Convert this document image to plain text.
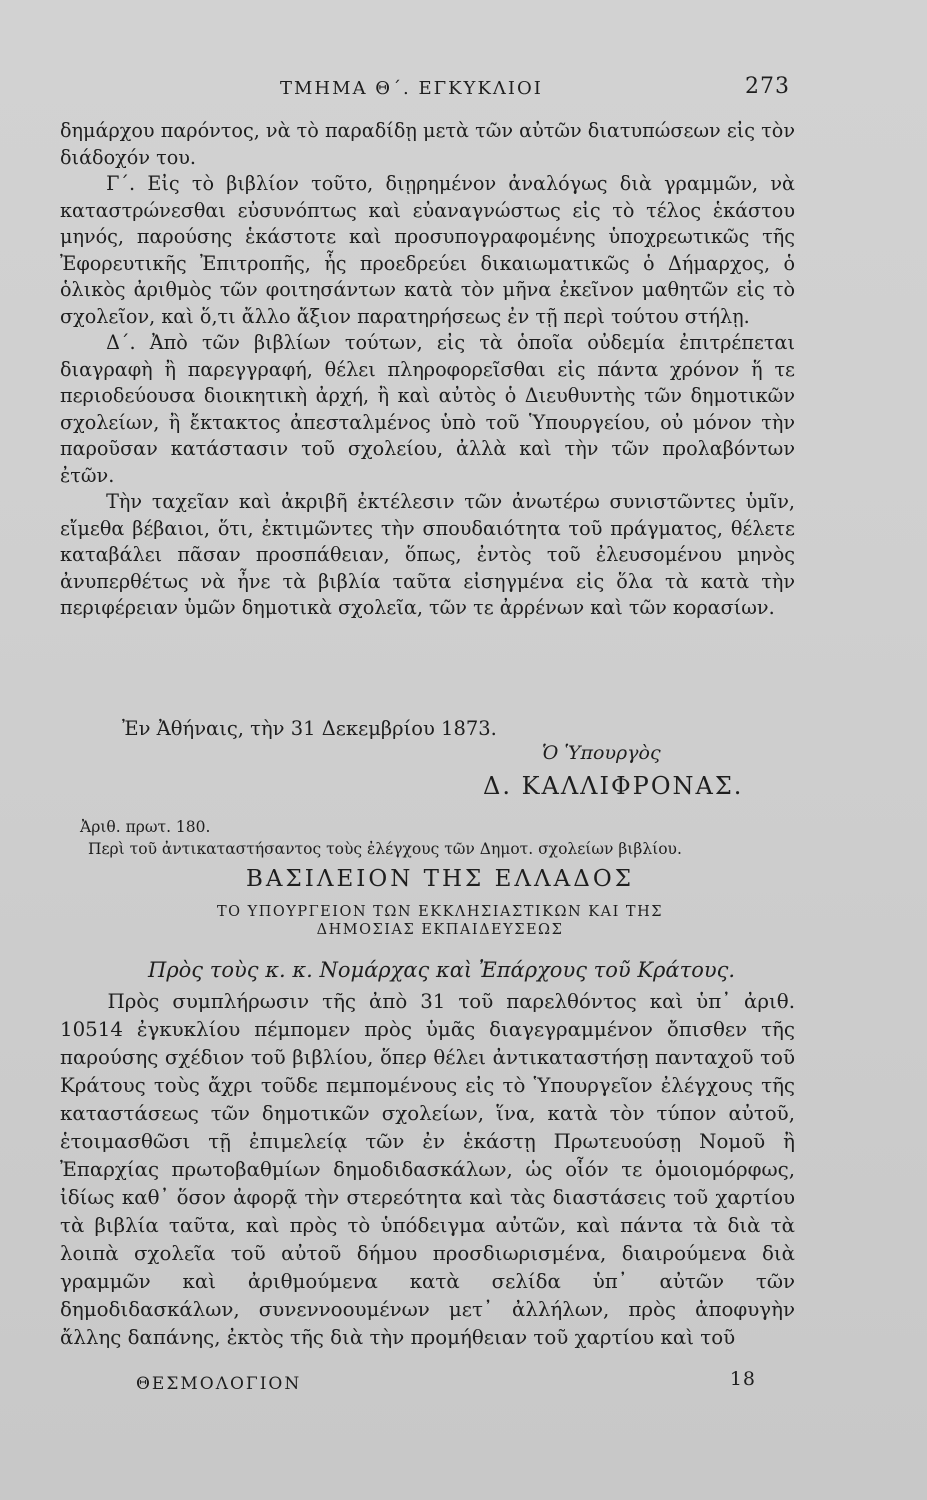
ΤΜΗΜΑ Θ΄. ΕΓΚΥΚΛΙΟΙ	273

δημάρχου παρόντος, νὰ τὸ παραδίδῃ μετὰ τῶν αὐτῶν διατυπώσεων εἰς τὸν διάδοχόν του.

Γ΄. Εἰς τὸ βιβλίον τοῦτο, διῃρημένον ἀναλόγως διὰ γραμμῶν, νὰ καταστρώνεσθαι εὐσυνόπτως καὶ εὐαναγνώστως εἰς τὸ τέλος ἑκάστου μηνός, παρούσης ἑκάστοτε καὶ προσυπογραφομένης ὑποχρεωτικῶς τῆς Ἐφορευτικῆς Ἐπιτροπῆς, ἧς προεδρεύει δικαιωματικῶς ὁ Δήμαρχος, ὁ ὁλικὸς ἀριθμὸς τῶν φοιτησάντων κατὰ τὸν μῆνα ἐκεῖνον μαθητῶν εἰς τὸ σχολεῖον, καὶ ὅ,τι ἄλλο ἄξιον παρατηρήσεως ἐν τῇ περὶ τούτου στήλῃ.

Δ΄. Ἀπὸ τῶν βιβλίων τούτων, εἰς τὰ ὁποῖα οὐδεμία ἐπιτρέπεται διαγραφὴ ἢ παρεγγραφή, θέλει πληροφορεῖσθαι εἰς πάντα χρόνον ἥ τε περιοδεύουσα διοικητικὴ ἀρχή, ἢ καὶ αὐτὸς ὁ Διευθυντὴς τῶν δημοτικῶν σχολείων, ἢ ἔκτακτος ἀπεσταλμένος ὑπὸ τοῦ Ὑπουργείου, οὐ μόνον τὴν παροῦσαν κατάστασιν τοῦ σχολείου, ἀλλὰ καὶ τὴν τῶν προλαβόντων ἐτῶν.

Τὴν ταχεῖαν καὶ ἀκριβῆ ἐκτέλεσιν τῶν ἀνωτέρω συνιστῶντες ὑμῖν, εἴμεθα βέβαιοι, ὅτι, ἐκτιμῶντες τὴν σπουδαιότητα τοῦ πράγματος, θέλετε καταβάλει πᾶσαν προσπάθειαν, ὅπως, ἐντὸς τοῦ ἐλευσομένου μηνὸς ἀνυπερθέτως νὰ ἦνε τὰ βιβλία ταῦτα εἰσηγμένα εἰς ὅλα τὰ κατὰ τὴν περιφέρειαν ὑμῶν δημοτικὰ σχολεῖα, τῶν τε ἀρρένων καὶ τῶν κορασίων.

Ἐν Ἀθήναις, τὴν 31 Δεκεμβρίου 1873.
Ὁ Ὑπουργὸς
Δ. ΚΑΛΛΙΦΡΟΝΑΣ.
Ἀριθ. πρωτ. 180.
Περὶ τοῦ ἀντικαταστήσαντος τοὺς ἐλέγχους τῶν Δημοτ. σχολείων βιβλίου.
ΒΑΣΙΛΕΙΟΝ ΤΗΣ ΕΛΛΑΔΟΣ
ΤΟ ΥΠΟΥΡΓΕΙΟΝ ΤΩΝ ΕΚΚΛΗΣΙΑΣΤΙΚΩΝ ΚΑΙ ΤΗΣ
ΔΗΜΟΣΙΑΣ ΕΚΠΑΙΔΕΥΣΕΩΣ
Πρὸς τοὺς κ. κ. Νομάρχας καὶ Ἐπάρχους τοῦ Κράτους.

Πρὸς συμπλήρωσιν τῆς ἀπὸ 31 τοῦ παρελθόντος καὶ ὑπ᾽ ἀριθ. 10514 ἐγκυκλίου πέμπομεν πρὸς ὑμᾶς διαγεγραμμένον ὄπισθεν τῆς παρούσης σχέδιον τοῦ βιβλίου, ὅπερ θέλει ἀντικαταστήσῃ πανταχοῦ τοῦ Κράτους τοὺς ἄχρι τοῦδε πεμπομένους εἰς τὸ Ὑπουργεῖον ἐλέγχους τῆς καταστάσεως τῶν δημοτικῶν σχολείων, ἵνα, κατὰ τὸν τύπον αὐτοῦ, ἑτοιμασθῶσι τῇ ἐπιμελείᾳ τῶν ἐν ἑκάστῃ Πρωτευούσῃ Νομοῦ ἢ Ἐπαρχίας πρωτοβαθμίων δημοδιδασκάλων, ὡς οἷόν τε ὁμοιομόρφως, ἰδίως καθ᾽ ὅσον ἀφορᾷ τὴν στερεότητα καὶ τὰς διαστάσεις τοῦ χαρτίου τὰ βιβλία ταῦτα, καὶ πρὸς τὸ ὑπόδειγμα αὐτῶν, καὶ πάντα τὰ διὰ τὰ λοιπὰ σχολεῖα τοῦ αὐτοῦ δήμου προσδιωρισμένα, διαιρούμενα διὰ γραμμῶν καὶ ἀριθμούμενα κατὰ σελίδα ὑπ᾽ αὐτῶν τῶν δημοδιδασκάλων, συνεννοουμένων μετ᾽ ἀλλήλων, πρὸς ἀποφυγὴν ἄλλης δαπάνης, ἐκτὸς τῆς διὰ τὴν προμήθειαν τοῦ χαρτίου καὶ τοῦ

ΘΕΣΜΟΛΟΓΙΟΝ	18
